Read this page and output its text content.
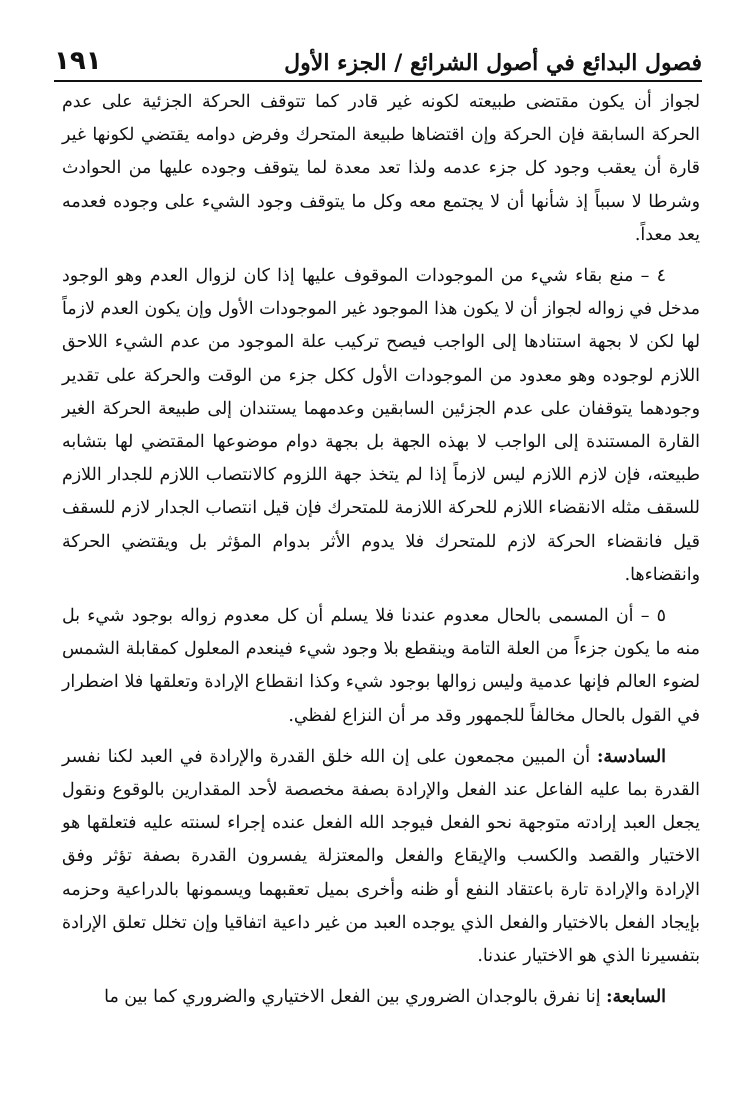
١٩١	فصول البدائع في أصول الشرائع / الجزء الأول

لجواز أن يكون مقتضى طبيعته لكونه غير قادر كما تتوقف الحركة الجزئية على عدم الحركة السابقة فإن الحركة وإن اقتضاها طبيعة المتحرك وفرض دوامه يقتضي لكونها غير قارة أن يعقب وجود كل جزء عدمه ولذا تعد معدة لما يتوقف وجوده عليها من الحوادث وشرطا لا سبباً إذ شأنها أن لا يجتمع معه وكل ما يتوقف وجود الشيء على وجوده فعدمه يعد معداً.

٤ – منع بقاء شيء من الموجودات الموقوف عليها إذا كان لزوال العدم وهو الوجود مدخل في زواله لجواز أن لا يكون هذا الموجود غير الموجودات الأول وإن يكون العدم لازماً لها لكن لا بجهة استنادها إلى الواجب فيصح تركيب علة الموجود من عدم الشيء اللاحق اللازم لوجوده وهو معدود من الموجودات الأول ككل جزء من الوقت والحركة على تقدير وجودهما يتوقفان على عدم الجزئين السابقين وعدمهما يستندان إلى طبيعة الحركة الغير القارة المستندة إلى الواجب لا بهذه الجهة بل بجهة دوام موضوعها المقتضي لها بتشابه طبيعته، فإن لازم اللازم ليس لازماً إذا لم يتخذ جهة اللزوم كالانتصاب اللازم للجدار اللازم للسقف مثله الانقضاء اللازم للحركة اللازمة للمتحرك فإن قيل انتصاب الجدار لازم للسقف قيل فانقضاء الحركة لازم للمتحرك فلا يدوم الأثر بدوام المؤثر بل ويقتضي الحركة وانقضاءها.

٥ – أن المسمى بالحال معدوم عندنا فلا يسلم أن كل معدوم زواله بوجود شيء بل منه ما يكون جزءاً من العلة التامة وينقطع بلا وجود شيء فينعدم المعلول كمقابلة الشمس لضوء العالم فإنها عدمية وليس زوالها بوجود شيء وكذا انقطاع الإرادة وتعلقها فلا اضطرار في القول بالحال مخالفاً للجمهور وقد مر أن النزاع لفظي.

السادسة: أن المبين مجمعون على إن الله خلق القدرة والإرادة في العبد لكنا نفسر القدرة بما عليه الفاعل عند الفعل والإرادة بصفة مخصصة لأحد المقدارين بالوقوع ونقول يجعل العبد إرادته متوجهة نحو الفعل فيوجد الله الفعل عنده إجراء لسنته عليه فتعلقها هو الاختيار والقصد والكسب والإيقاع والفعل والمعتزلة يفسرون القدرة بصفة تؤثر وفق الإرادة والإرادة تارة باعتقاد النفع أو ظنه وأخرى بميل تعقبهما ويسمونها بالدراعية وحزمه بإيجاد الفعل بالاختيار والفعل الذي يوجده العبد من غير داعية اتفاقيا وإن تخلل تعلق الإرادة بتفسيرنا الذي هو الاختيار عندنا.

السابعة: إنا نفرق بالوجدان الضروري بين الفعل الاختياري والضروري كما بين ما
